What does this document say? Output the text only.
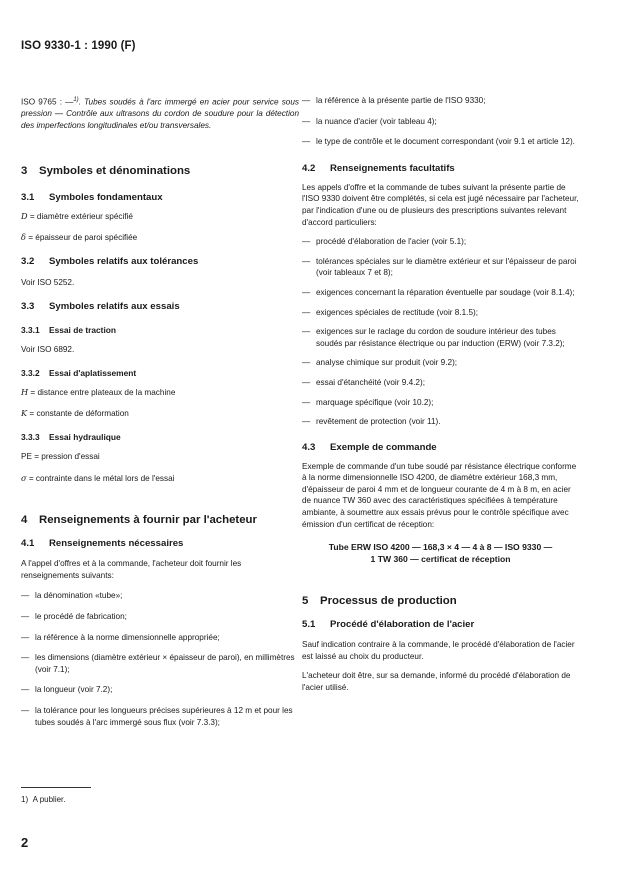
ISO 9330-1 : 1990 (F)

ISO 9765 : —$^{1)}$. Tubes soudés à l'arc immergé en acier pour service sous pression — Contrôle aux ultrasons du cordon de soudure pour la détection des imperfections longitudinales et/ou transversales.

3 Symboles et dénominations
3.1 Symboles fondamentaux

D = diamètre extérieur spécifié

δ = épaisseur de paroi spécifiée

3.2 Symboles relatifs aux tolérances

Voir ISO 5252.

3.3 Symboles relatifs aux essais
3.3.1 Essai de traction

Voir ISO 6892.

3.3.2 Essai d'aplatissement

H = distance entre plateaux de la machine

K = constante de déformation

3.3.3 Essai hydraulique

PE = pression d'essai

σ = contrainte dans le métal lors de l'essai

4 Renseignements à fournir par l'acheteur
4.1 Renseignements nécessaires

A l'appel d'offres et à la commande, l'acheteur doit fournir les renseignements suivants:

— la dénomination «tube»;
— le procédé de fabrication;
— la référence à la norme dimensionnelle appropriée;
— les dimensions (diamètre extérieur × épaisseur de paroi), en millimètres (voir 7.1);
— la longueur (voir 7.2);
— la tolérance pour les longueurs précises supérieures à 12 m et pour les tubes soudés à l'arc immergé sous flux (voir 7.3.3);
— la référence à la présente partie de l'ISO 9330;
— la nuance d'acier (voir tableau 4);
— le type de contrôle et le document correspondant (voir 9.1 et article 12).
4.2 Renseignements facultatifs

Les appels d'offre et la commande de tubes suivant la présente partie de l'ISO 9330 doivent être complétés, si cela est jugé nécessaire par l'acheteur, par l'indication d'une ou de plusieurs des prescriptions suivantes relevant d'accord particuliers:

— procédé d'élaboration de l'acier (voir 5.1);
— tolérances spéciales sur le diamètre extérieur et sur l'épaisseur de paroi (voir tableaux 7 et 8);
— exigences concernant la réparation éventuelle par soudage (voir 8.1.4);
— exigences spéciales de rectitude (voir 8.1.5);
— exigences sur le raclage du cordon de soudure intérieur des tubes soudés par résistance électrique ou par induction (ERW) (voir 7.3.2);
— analyse chimique sur produit (voir 9.2);
— essai d'étanchéité (voir 9.4.2);
— marquage spécifique (voir 10.2);
— revêtement de protection (voir 11).
4.3 Exemple de commande

Exemple de commande d'un tube soudé par résistance électrique conforme à la norme dimensionnelle ISO 4200, de diamètre extérieur 168,3 mm, d'épaisseur de paroi 4 mm et de longueur courante de 4 m à 8 m, en acier de nuance TW 360 avec des caractéristiques spécifiées à température ambiante, à soumettre aux essais prévus pour le contrôle spécifique avec émission d'un certificat de réception:

Tube ERW ISO 4200 — 168,3 × 4 — 4 à 8 — ISO 9330 —

1 TW 360 — certificat de réception

5 Processus de production
5.1 Procédé d'élaboration de l'acier

Sauf indication contraire à la commande, le procédé d'élaboration de l'acier est laissé au choix du producteur.

L'acheteur doit être, sur sa demande, informé du procédé d'élaboration de l'acier utilisé.

1) A publier.

2
